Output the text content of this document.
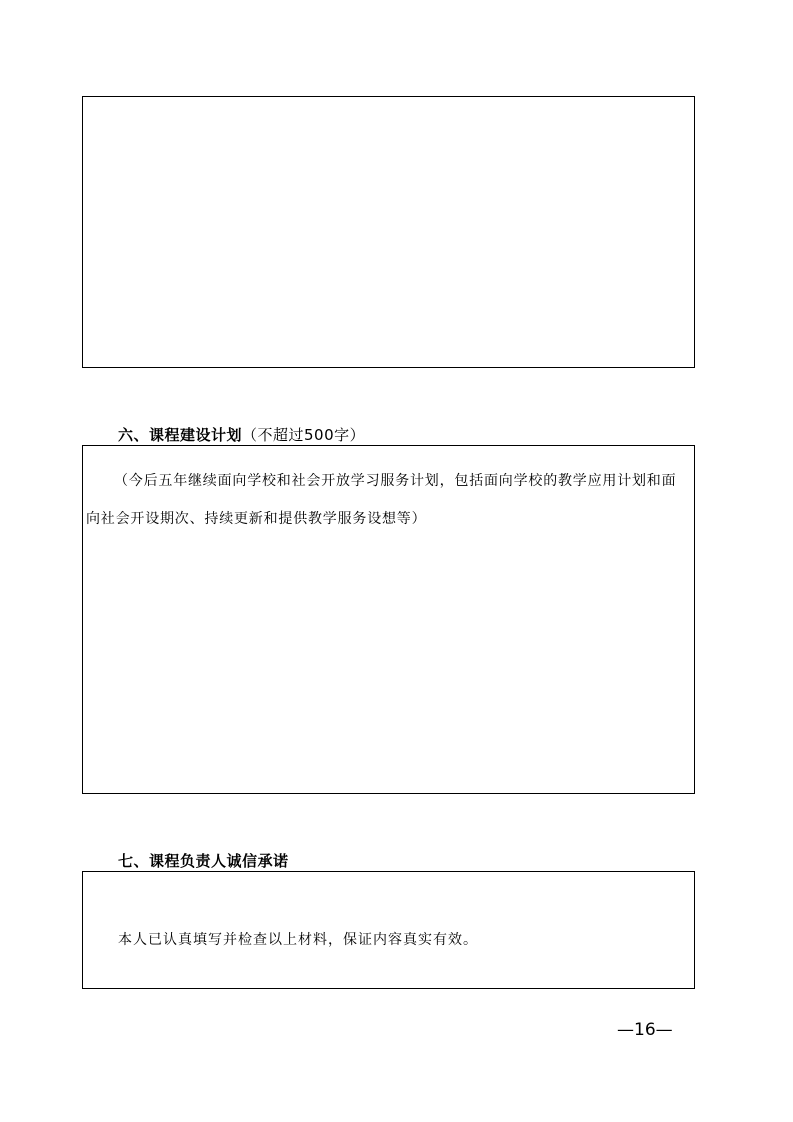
六、课程建设计划（不超过500字）
（今后五年继续面向学校和社会开放学习服务计划，包括面向学校的教学应用计划和面向社会开设期次、持续更新和提供教学服务设想等）
七、课程负责人诚信承诺
本人已认真填写并检查以上材料，保证内容真实有效。
—16—
